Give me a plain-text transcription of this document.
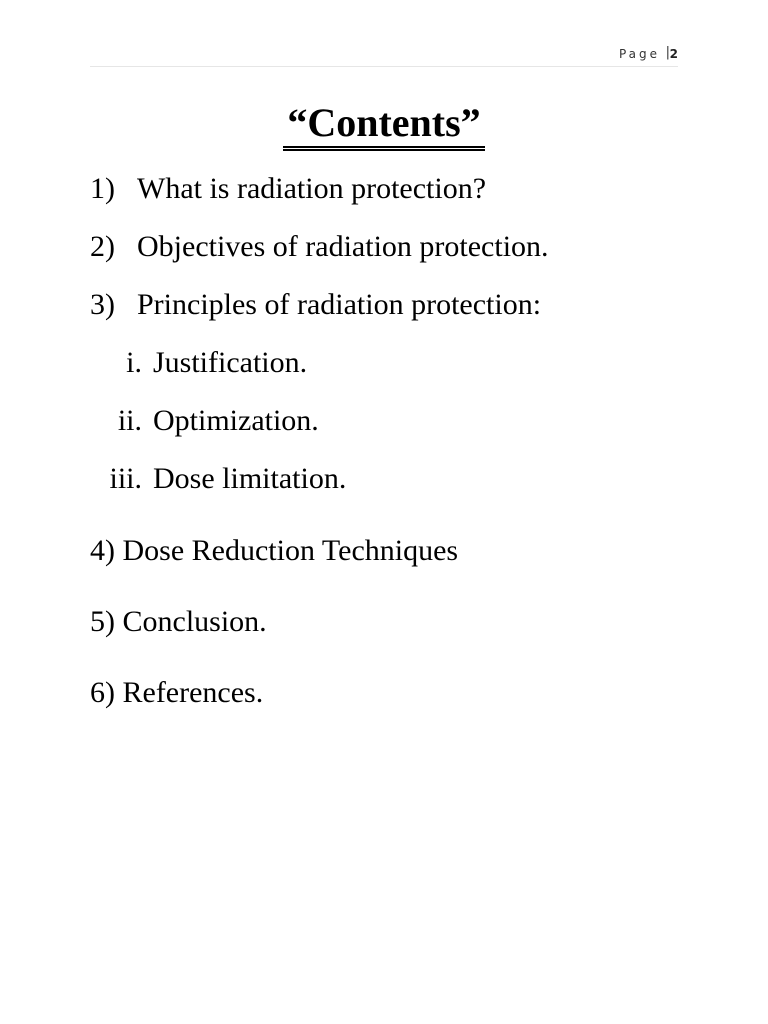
Page | 2
“Contents”
1) What is radiation protection?
2) Objectives of radiation protection.
3) Principles of radiation protection:
i. Justification.
ii. Optimization.
iii. Dose limitation.
4) Dose Reduction Techniques
5) Conclusion.
6) References.
